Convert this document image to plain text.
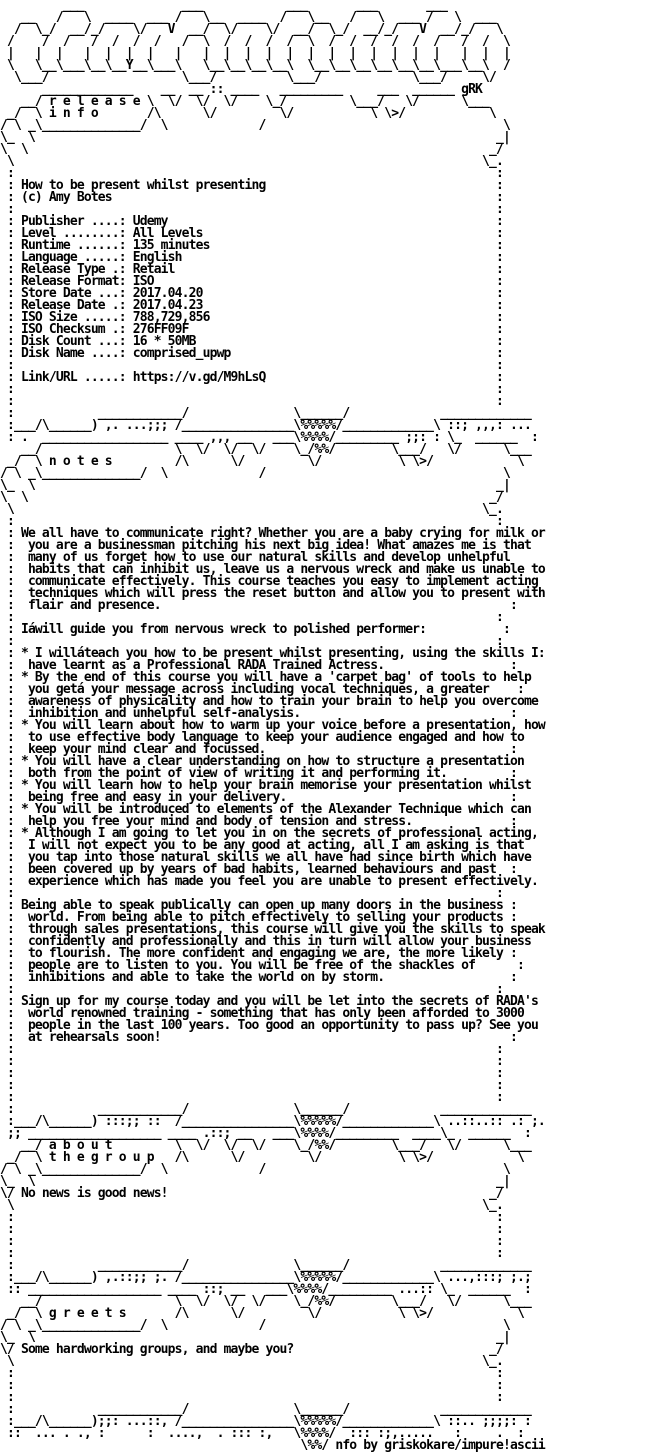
___              ___            ___       ___       ___
__   /   \  ____  ___ /   \__  ____  /   \__   /   \  ___ /   \  ___
/  \_/  __/_/    \/   V  __/  \/    \/  __/  \_/  __/_/   V  __/_/   \
/    /  /   /  /  /  /   /  \  /  /  /  /  \  /  /  /  /  /  /   /  /  \
|   |  |   |  |  |  |   |   |  |  |  |  |  |  |  |  |  |  |  |   |  |  |
\   \__\___\__\__Y__\___\   \__\__\__\__\  \__\__\__\__\__\__\___\__\  /
\___/                   \___/          \___/             \___/     \/
_____________    __  __ :: ____   _________     ___  ______ gRK
__/ r e l e a s e \  \/  \/  \/    \_/         \___/   \/      \___
_/  \ i n f o       /\      \/         \/           \ \>/            \
/ \ _\______________/  \             /                                  \
\_  \                                                                  _|
\  \                                                                  _/
\                                                                   \_.
:                                                                     :
: How to be present whilst presenting                                 :
: (c) Amy Botes                                                       :
:                                                                     :
: Publisher ....: Udemy                                               :
: Level ........: All Levels                                          :
: Runtime ......: 135 minutes                                         :
: Language .....: English                                             :
: Release Type .: Retail                                              :
: Release Format: ISO                                                 :
: Store Date ...: 2017.04.20                                          :
: Release Date .: 2017.04.23                                          :
: ISO Size .....: 788,729,856                                         :
: ISO Checksum .: 276FF09F                                            :
: Disk Count ...: 16 * 50MB                                           :
: Disk Name ....: comprised_upwp                                      :
:                                                                     :
: Link/URL .....: https://v.gd/M9hLsQ                                 :
:                                                                     :
:                                                                     :
:            ____________/               \______/             _____________
:___/\______) ,. ...;;; /________________\%%%%%/_____________\ ::; ,,,: ...
: .  __________________ ____ ,,, __   ___\%%%%/_________ ;;: : \_  ______  :
__/                   \  \/  \/  \/    \_/%%/        \___/   \/      \___
_/  \ n o t e s         /\      \/         \/           \ \>/            \
/ \ _\______________/  \             /                                  \
\_  \                                                                  _|
\  \                                                                  _/
\                                                                   \_.
:                                                                     :
: We all have to communicate right? Whether you are a baby crying for milk or
:  you are a businessman pitching his next big idea! What amazes me is that
:  many of us forget how to use our natural skills and develop unhelpful
:  habits that can inhibit us, leave us a nervous wreck and make us unable to
:  communicate effectively. This course teaches you easy to implement acting
:  techniques which will press the reset button and allow you to present with
:  flair and presence.                                                  :
:                                                                     :
: Iáwill guide you from nervous wreck to polished performer:           :
:                                                                     :
: * I willáteach you how to be present whilst presenting, using the skills I:
:  have learnt as a Professional RADA Trained Actress.                  :
: * By the end of this course you will have a 'carpet bag' of tools to help
:  you getá your message across including vocal techniques, a greater    :
:  awareness of physicality and how to train your brain to help you overcome
:  inhibition and unhelpful self-analysis.                              :
: * You will learn about how to warm up your voice before a presentation, how
:  to use effective body language to keep your audience engaged and how to
:  keep your mind clear and focussed.                                   :
: * You will have a clear understanding on how to structure a presentation
:  both from the point of view of writing it and performing it.         :
: * You will learn how to help your brain memorise your presentation whilst
:  being free and easy in your delivery.                                :
: * You will be introduced to elements of the Alexander Technique which can
:  help you free your mind and body of tension and stress.              :
: * Although I am going to let you in on the secrets of professional acting,
:  I will not expect you to be any good at acting, all I am asking is that
:  you tap into those natural skills we all have had since birth which have
:  been covered up by years of bad habits, learned behaviours and past  :
:  experience which has made you feel you are unable to present effectively.
:                                                                     :
: Being able to speak publically can open up many doors in the business :
:  world. From being able to pitch effectively to selling your products :
:  through sales presentations, this course will give you the skills to speak
:  confidently and professionally and this in turn will allow your business
:  to flourish. The more confident and engaging we are, the more likely :
:  people are to listen to you. You will be free of the shackles of      :
:  inhibitions and able to take the world on by storm.                  :
:                                                                     :
: Sign up for my course today and you will be let into the secrets of RADA's
:  world renowned training - something that has only been afforded to 3000
:  people in the last 100 years. Too good an opportunity to pass up? See you
:  at rehearsals soon!                                                  :
:                                                                     :
:                                                                     :
:                                                                     :
:                                                                     :
:                                                                     :
:            ____________/               \______/             _____________
:___/\______) :::;; ::  /________________\%%%%%/_____________\ ..::..:: .: ;.
;; ___________________ ____ .::; __   ___\%%%%/_________  ____\_  ______  :
__/ a b o u t         \  \/  \/  \/    \_/%%/        \___/   \/      \___
_/  \ t h e g r o u p   /\      \/         \/           \ \>/            \
/ \ _\______________/  \             /                                  \
\_  \                                                                  _|
\/ No news is good news!                                              _/
\                                                                   \_.
:                                                                     :
:                                                                     :
:                                                                     :
:                                                                     :
:            ____________/               \______/             _____________
:___/\______) ,.::;; ;. /________________\%%%%%/_____________\ ...,:::; ;.;
:: ___________________ ____ ::; __   ___\%%%%/_________ ...:: \_  ______  :
__/                   \  \/  \/  \/    \_/%%/        \___/   \/      \___
_/  \ g r e e t s       /\      \/         \/           \ \>/            \
/ \ _\______________/  \             /                                  \
\_  \                                                                  _|
\/ Some hardworking groups, and maybe you?                            _/
\                                                                   \_.
:                                                                     :
:                                                                     :
:                                                                     :
:            ____________/               \______/             _____________
:___/\______);;: ...::, /________________\%%%%%/_____________\ ::.. ;;;;: :
::  ... . ., :      :  ....,  . ::: :,   \%%%%/  ::: :;,.....   :     .  :
\%%/ nfo by griskokare/impure!ascii
